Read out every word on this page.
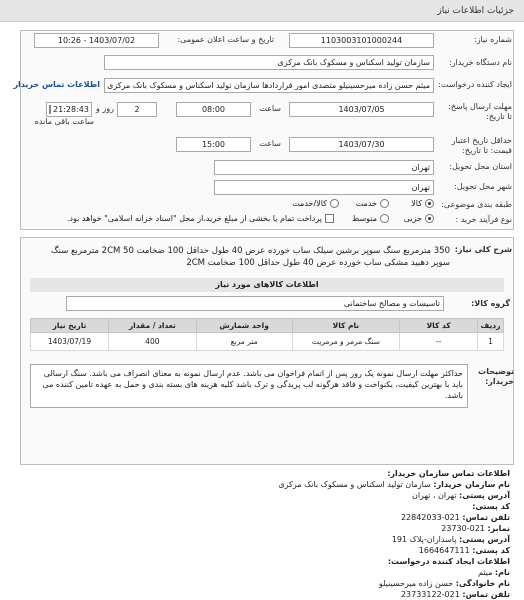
جزئیات اطلاعات نیاز
شماره نیاز:
1103003101000244
تاریخ و ساعت اعلان عمومی:
1403/07/02 - 10:26
نام دستگاه خریدار:
سازمان تولید اسکناس و مسکوک بانک مرکزی
ایجاد کننده درخواست:
میثم حسن زاده میرحسینیلو متصدی امور قراردادها سازمان تولید اسکناس و مسکوک بانک مرکزی
اطلاعات تماس خریدار
مهلت ارسال پاسخ: تا تاریخ:
1403/07/05
ساعت
08:00
2
روز و
21:28:43
ساعت باقی مانده
حداقل تاریخ اعتبار قیمت: تا تاریخ:
1403/07/30
ساعت
15:00
استان محل تحویل:
تهران
شهر محل تحویل:
تهران
طبقه بندی موضوعی:
کالا
خدمت
کالا/خدمت
نوع فرآیند خرید :
جزیی
متوسط
پرداخت تمام یا بخشی از مبلغ خرید،از محل "اسناد خزانه اسلامی" خواهد بود.
شرح کلی نیاز:
350 مترمربع سنگ سوپر برشین سیلک ساب خورده عرض 40 طول حداقل 100 ضخامت 2CM 50 مترمربع سنگ سوپر دهبید مشکی ساب خورده عرض 40 طول حداقل 100 ضخامت 2CM
اطلاعات کالاهای مورد نیاز
گروه کالا:
تاسیسات و مصالح ساختمانی
ردیف	کد کالا	نام کالا	واحد شمارش	تعداد / مقدار	تاریخ نیاز
1	--	سنگ مرمر و مرمریت	متر مربع	400	1403/07/19
توضیحات خریدار:
حداکثر مهلت ارسال نمونه یک روز پس از اتمام فراخوان می باشد. عدم ارسال نمونه به معنای انصراف می باشد. سنگ ارسالی باید با بهترین کیفیت، یکنواخت و فاقد هرگونه لب پریدگی و ترک باشد کلیه هزینه های بسته بندی و حمل به عهده تامین کننده می باشد.
اطلاعات تماس سازمان خریدار:
نام سازمان خریدار: سازمان تولید اسکناس و مسکوک بانک مرکزی
آدرس پستی: تهران ، تهران
کد پستی:
تلفن تماس: 021-22842033
نمابر: 021-23730
آدرس پستی: پاسداران-پلاک 191
کد پستی: 1664647111
اطلاعات ایجاد کننده درخواست:
نام: میثم
نام خانوادگی: حسن زاده میرحسینیلو
تلفن تماس: 021-23733122
